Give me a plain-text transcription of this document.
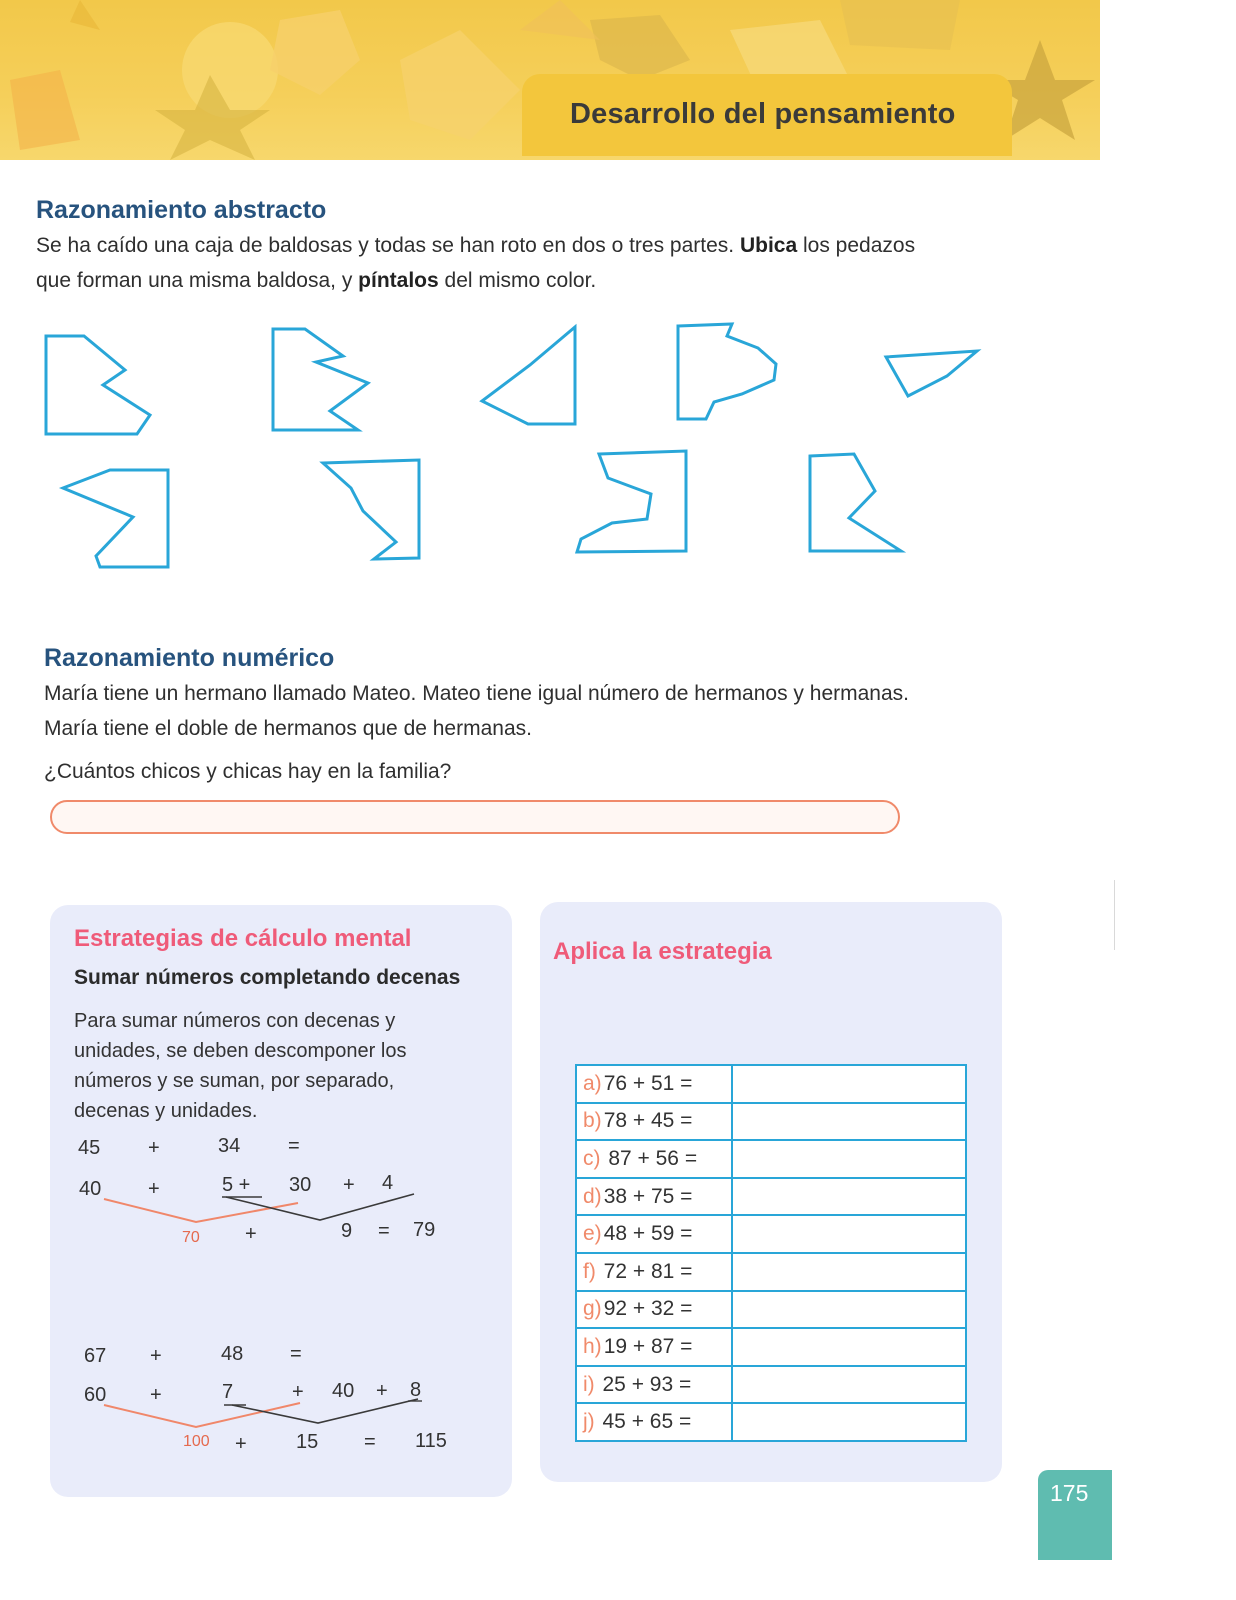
Desarrollo del pensamiento
Razonamiento abstracto
Se ha caído una caja de baldosas y todas se han roto en dos o tres partes. Ubica los pedazos que forman una misma baldosa, y píntalos del mismo color.
Razonamiento numérico
María tiene un hermano llamado Mateo. Mateo tiene igual número de hermanos y hermanas.
María tiene el doble de hermanos que de hermanas.
¿Cuántos chicos y chicas hay en la familia?
Estrategias de cálculo mental
Sumar números completando decenas
Para sumar números con decenas y unidades, se deben descomponer los números y se suman, por separado, decenas y unidades.
45 +	34 =
40 +	5 + 30 + 4
70 +	9 = 79
67 +	48 =
60 +	7	+ 40 + 8
100 + 15 = 115
Aplica la estrategia
a)76 + 51 =	
b)78 + 45 =	
c) 87 + 56 =	
d)38 + 75 =	
e)48 + 59 =	
f) 72 + 81 =	
g)92 + 32 =	
h)19 + 87 =	
i) 25 + 93 =	
j) 45 + 65 =	
175
